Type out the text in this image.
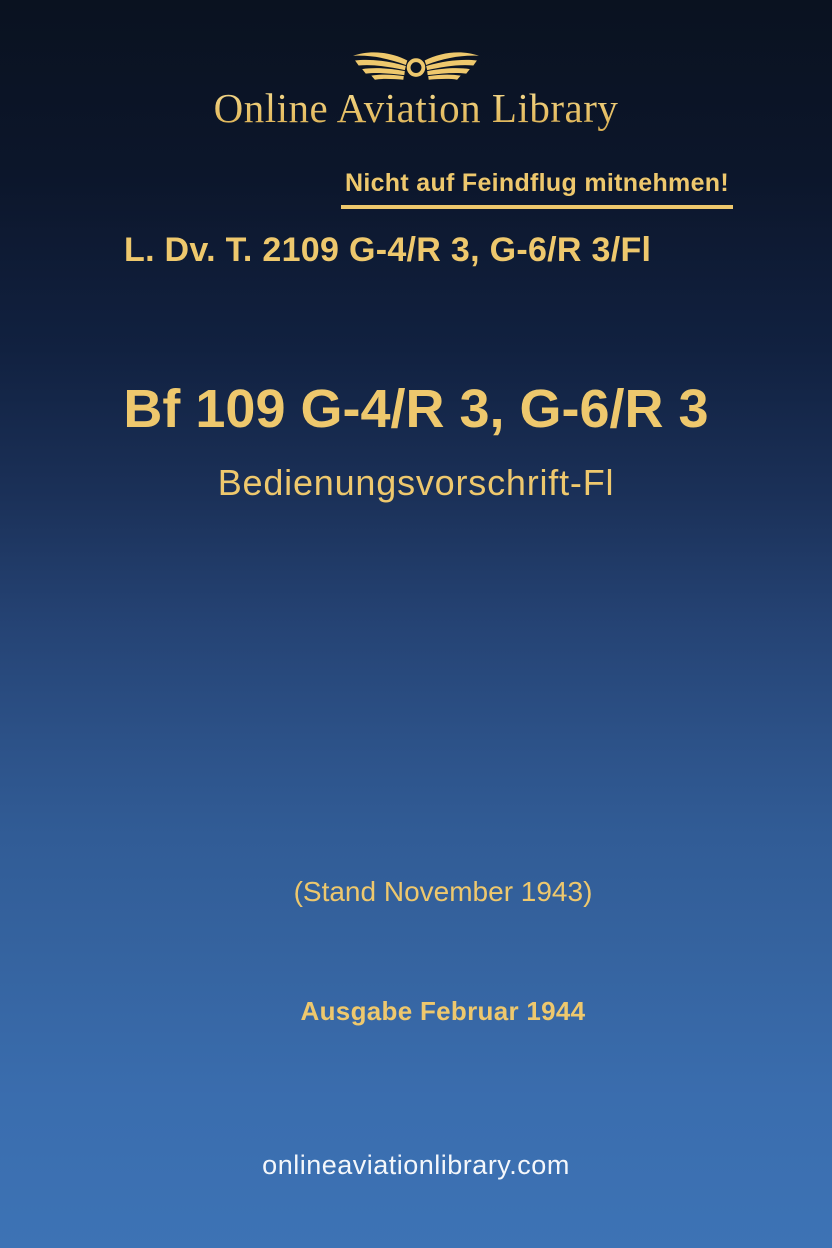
Online Aviation Library
Nicht auf Feindflug mitnehmen!
L. Dv. T. 2109 G-4/R 3, G-6/R 3/Fl
Bf 109 G-4/R 3, G-6/R 3
Bedienungsvorschrift-Fl
(Stand November 1943)
Ausgabe Februar 1944
onlineaviationlibrary.com
